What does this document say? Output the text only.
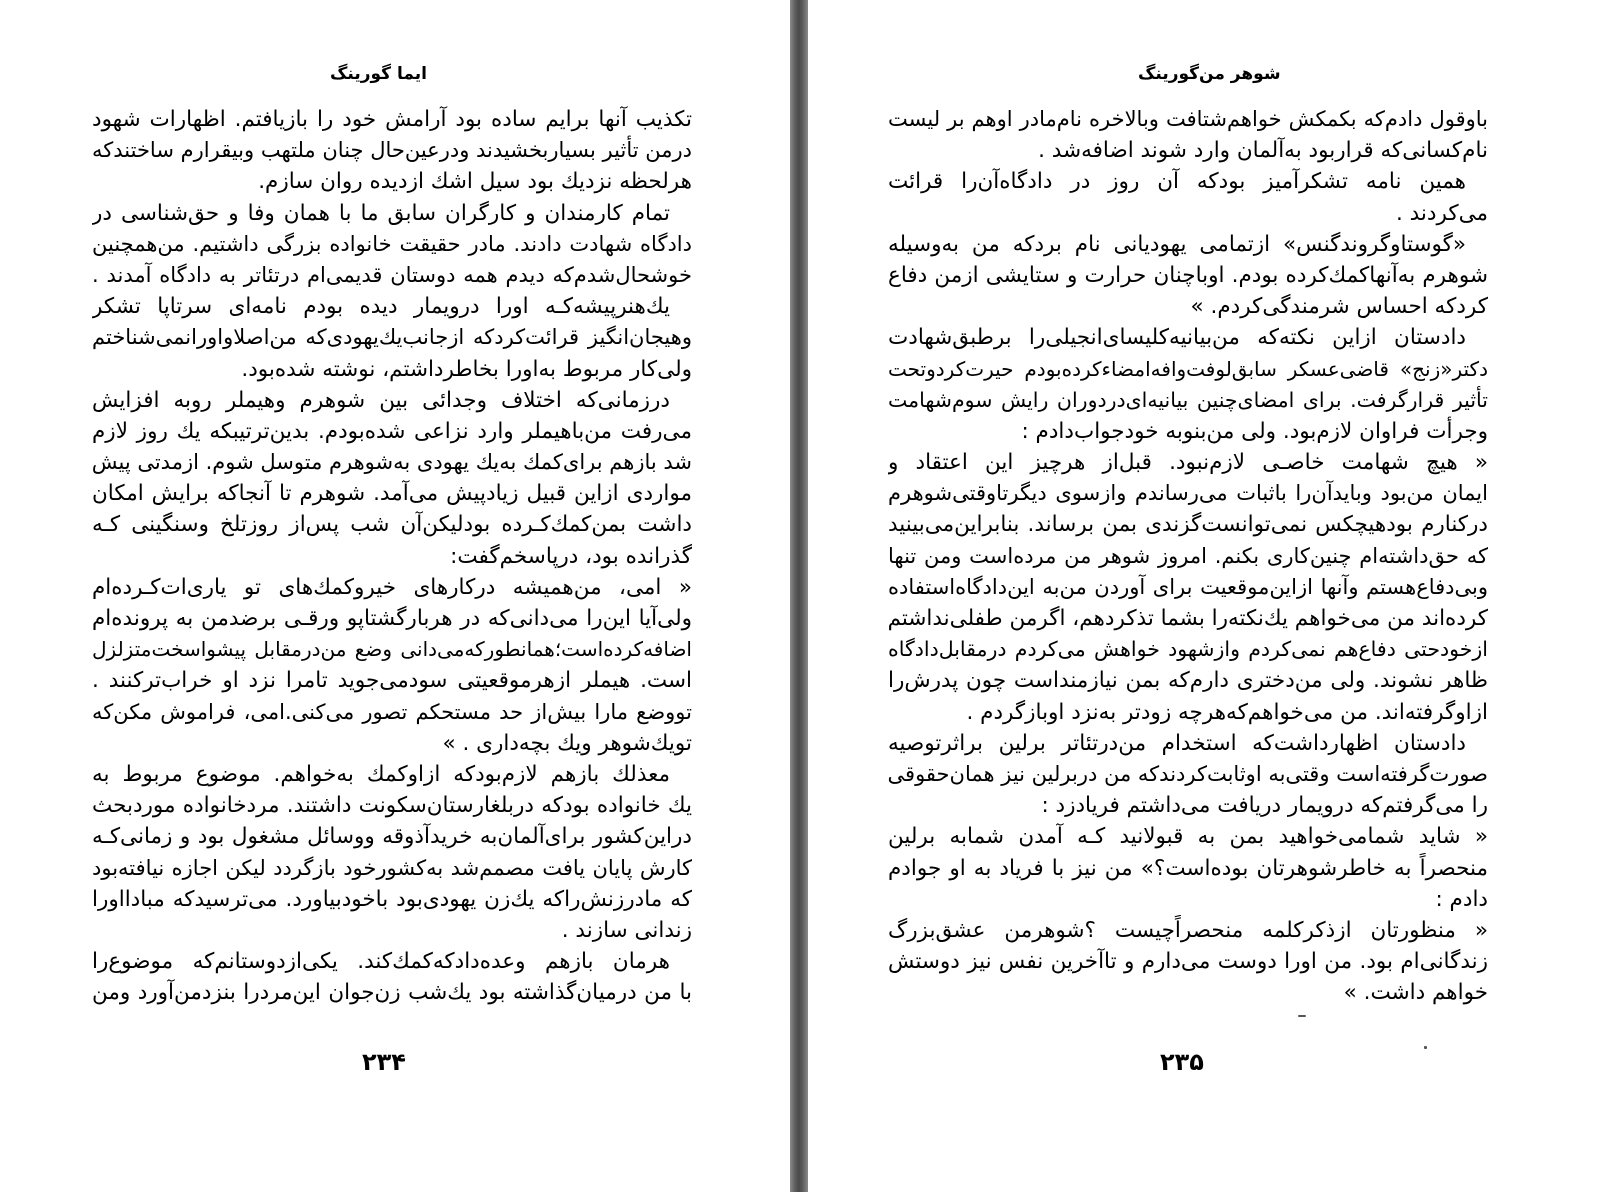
ایما گورینگ
تکذیب آنها برایم ساده بود آرامش خود را بازیافتم. اظهارات شهود
درمن تأثیر بسیاربخشیدند ودرعین‌حال چنان ملتهب وبیقرارم ساختندکه
هرلحظه نزدیك بود سیل اشك ازدیده روان سازم.
تمام کارمندان و کارگران سابق ما با همان وفا و حق‌شناسی در
دادگاه شهادت دادند. مادر حقیقت خانواده بزرگی داشتیم. من‌همچنین
خوشحال‌شدم‌که دیدم همه دوستان قدیمی‌ام درتئاتر به دادگاه آمدند .
یك‌هنرپیشه‌کـه اورا درویمار دیده بودم نامه‌ای سرتاپا تشکر
وهیجان‌انگیز قرائت‌کردکه ازجانب‌یك‌یهودی‌که من‌اصلاواورانمی‌شناختم
ولی‌کار مربوط به‌اورا بخاطرداشتم، نوشته شده‌بود.
درزمانی‌که اختلاف وجدائی بین شوهرم وهیملر روبه افزایش
می‌رفت من‌باهیملر وارد نزاعی شده‌بودم. بدین‌ترتیبکه یك روز لازم
شد بازهم برای‌کمك به‌یك یهودی به‌شوهرم متوسل شوم. ازمدتی پیش
مواردی ازاین قبیل زیادپیش می‌آمد. شوهرم تا آنجاکه برایش امکان
داشت بمن‌کمك‌کـرده بودلیکن‌آن شب پس‌از روزتلخ وسنگینی کـه
گذرانده بود، درپاسخم‌گفت:
« امی، من‌همیشه درکارهای خیروکمك‌های تو یاری‌ات‌کـرده‌ام
ولی‌آیا این‌را می‌دانی‌که در هربارگشتاپو ورقـی برضدمن به پرونده‌ام
اضافه‌کرده‌است؛همانطورکه‌می‌دانی وضع من‌درمقابل پیشواسخت‌متزلزل
است. هیملر ازهرموقعیتی سودمی‌جوید تامرا نزد او خراب‌ترکنند .
تووضع مارا بیش‌از حد مستحکم تصور می‌کنی.امی، فراموش مکن‌که
تویك‌شوهر ویك بچه‌داری . »
معذلك بازهم لازم‌بودکه ازاوکمك به‌خواهم. موضوع مربوط به
یك خانواده بودکه دربلغارستان‌سکونت داشتند. مردخانواده موردبحث
دراین‌کشور برای‌آلمان‌به خریدآذوقه ووسائل مشغول بود و زمانی‌کـه
کارش پایان یافت مصمم‌شد به‌کشورخود بازگردد لیکن اجازه نیافته‌بود
که مادرزنش‌راکه یك‌زن یهودی‌بود باخودبیاورد. می‌ترسیدکه مبادااورا
زندانی سازند .
هرمان بازهم وعده‌دادکه‌کمك‌کند. یکی‌ازدوستانم‌که موضوع‌را
با من درمیان‌گذاشته بود یك‌شب زن‌جوان این‌مردرا بنزدمن‌آورد ومن
۲۳۴
شوهر من‌گورینگ
باوقول دادم‌که بکمکش خواهم‌شتافت وبالاخره نام‌مادر اوهم بر لیست
نام‌کسانی‌که قراربود به‌آلمان وارد شوند اضافه‌شد .
همین نامه تشکرآمیز بودکه آن روز در دادگاه‌آن‌را قرائت
می‌کردند .
«گوستاوگروندگنس» ازتمامی یهودیانی نام بردکه من به‌وسیله
شوهرم به‌آنهاکمك‌کرده بودم. اوباچنان حرارت و ستایشی ازمن دفاع
کردکه احساس شرمندگی‌کردم. »
دادستان ازاین نکته‌که من‌بیانیه‌کلیسای‌انجیلی‌را برطبق‌شهادت
دکتر«زنج» قاضی‌عسکر سابق‌لوفت‌وافه‌امضاءکرده‌بودم حیرت‌کردوتحت
تأثیر قرارگرفت. برای امضای‌چنین بیانیه‌ای‌دردوران رایش سوم‌شهامت
وجرأت فراوان لازم‌بود. ولی من‌بنوبه خودجواب‌دادم :
« هیچ شهامت خاصـی لازم‌نبود. قبل‌از هرچیز این اعتقاد و
ایمان من‌بود وبایدآن‌را باثبات می‌رساندم وازسوی دیگرتاوقتی‌شوهرم
درکنارم بودهیچکس نمی‌توانست‌گزندی بمن برساند. بنابراین‌می‌بینید
که حق‌داشته‌ام چنین‌کاری بکنم. امروز شوهر من مرده‌است ومن تنها
وبی‌دفاع‌هستم وآنها ازاین‌موقعیت برای آوردن من‌به این‌دادگاه‌استفاده
کرده‌اند من می‌خواهم یك‌نکته‌را بشما تذکردهم، اگرمن طفلی‌نداشتم
ازخودحتی دفاع‌هم نمی‌کردم وازشهود خواهش می‌کردم درمقابل‌دادگاه
ظاهر نشوند. ولی من‌دختری دارم‌که بمن نیازمنداست چون پدرش‌را
ازاوگرفته‌اند. من می‌خواهم‌که‌هرچه زودتر به‌نزد اوبازگردم .
دادستان اظهارداشت‌که استخدام من‌درتئاتر برلین براثرتوصیه
صورت‌گرفته‌است وقتی‌به اوثابت‌کردندکه من دربرلین نیز همان‌حقوقی
را می‌گرفتم‌که درویمار دریافت می‌داشتم فریادزد :
« شاید شمامی‌خواهید بمن به قبولانید کـه آمدن شمابه برلین
منحصراً به خاطرشوهرتان بوده‌است؟» من نیز با فریاد به او جوادم
دادم :
« منظورتان ازذکرکلمه منحصراً‌چیست ؟شوهرمن عشق‌بزرگ
زندگانی‌ام بود. من اورا دوست می‌دارم و تاآخرین نفس نیز دوستش
خواهم داشت. »
۲۳۵
